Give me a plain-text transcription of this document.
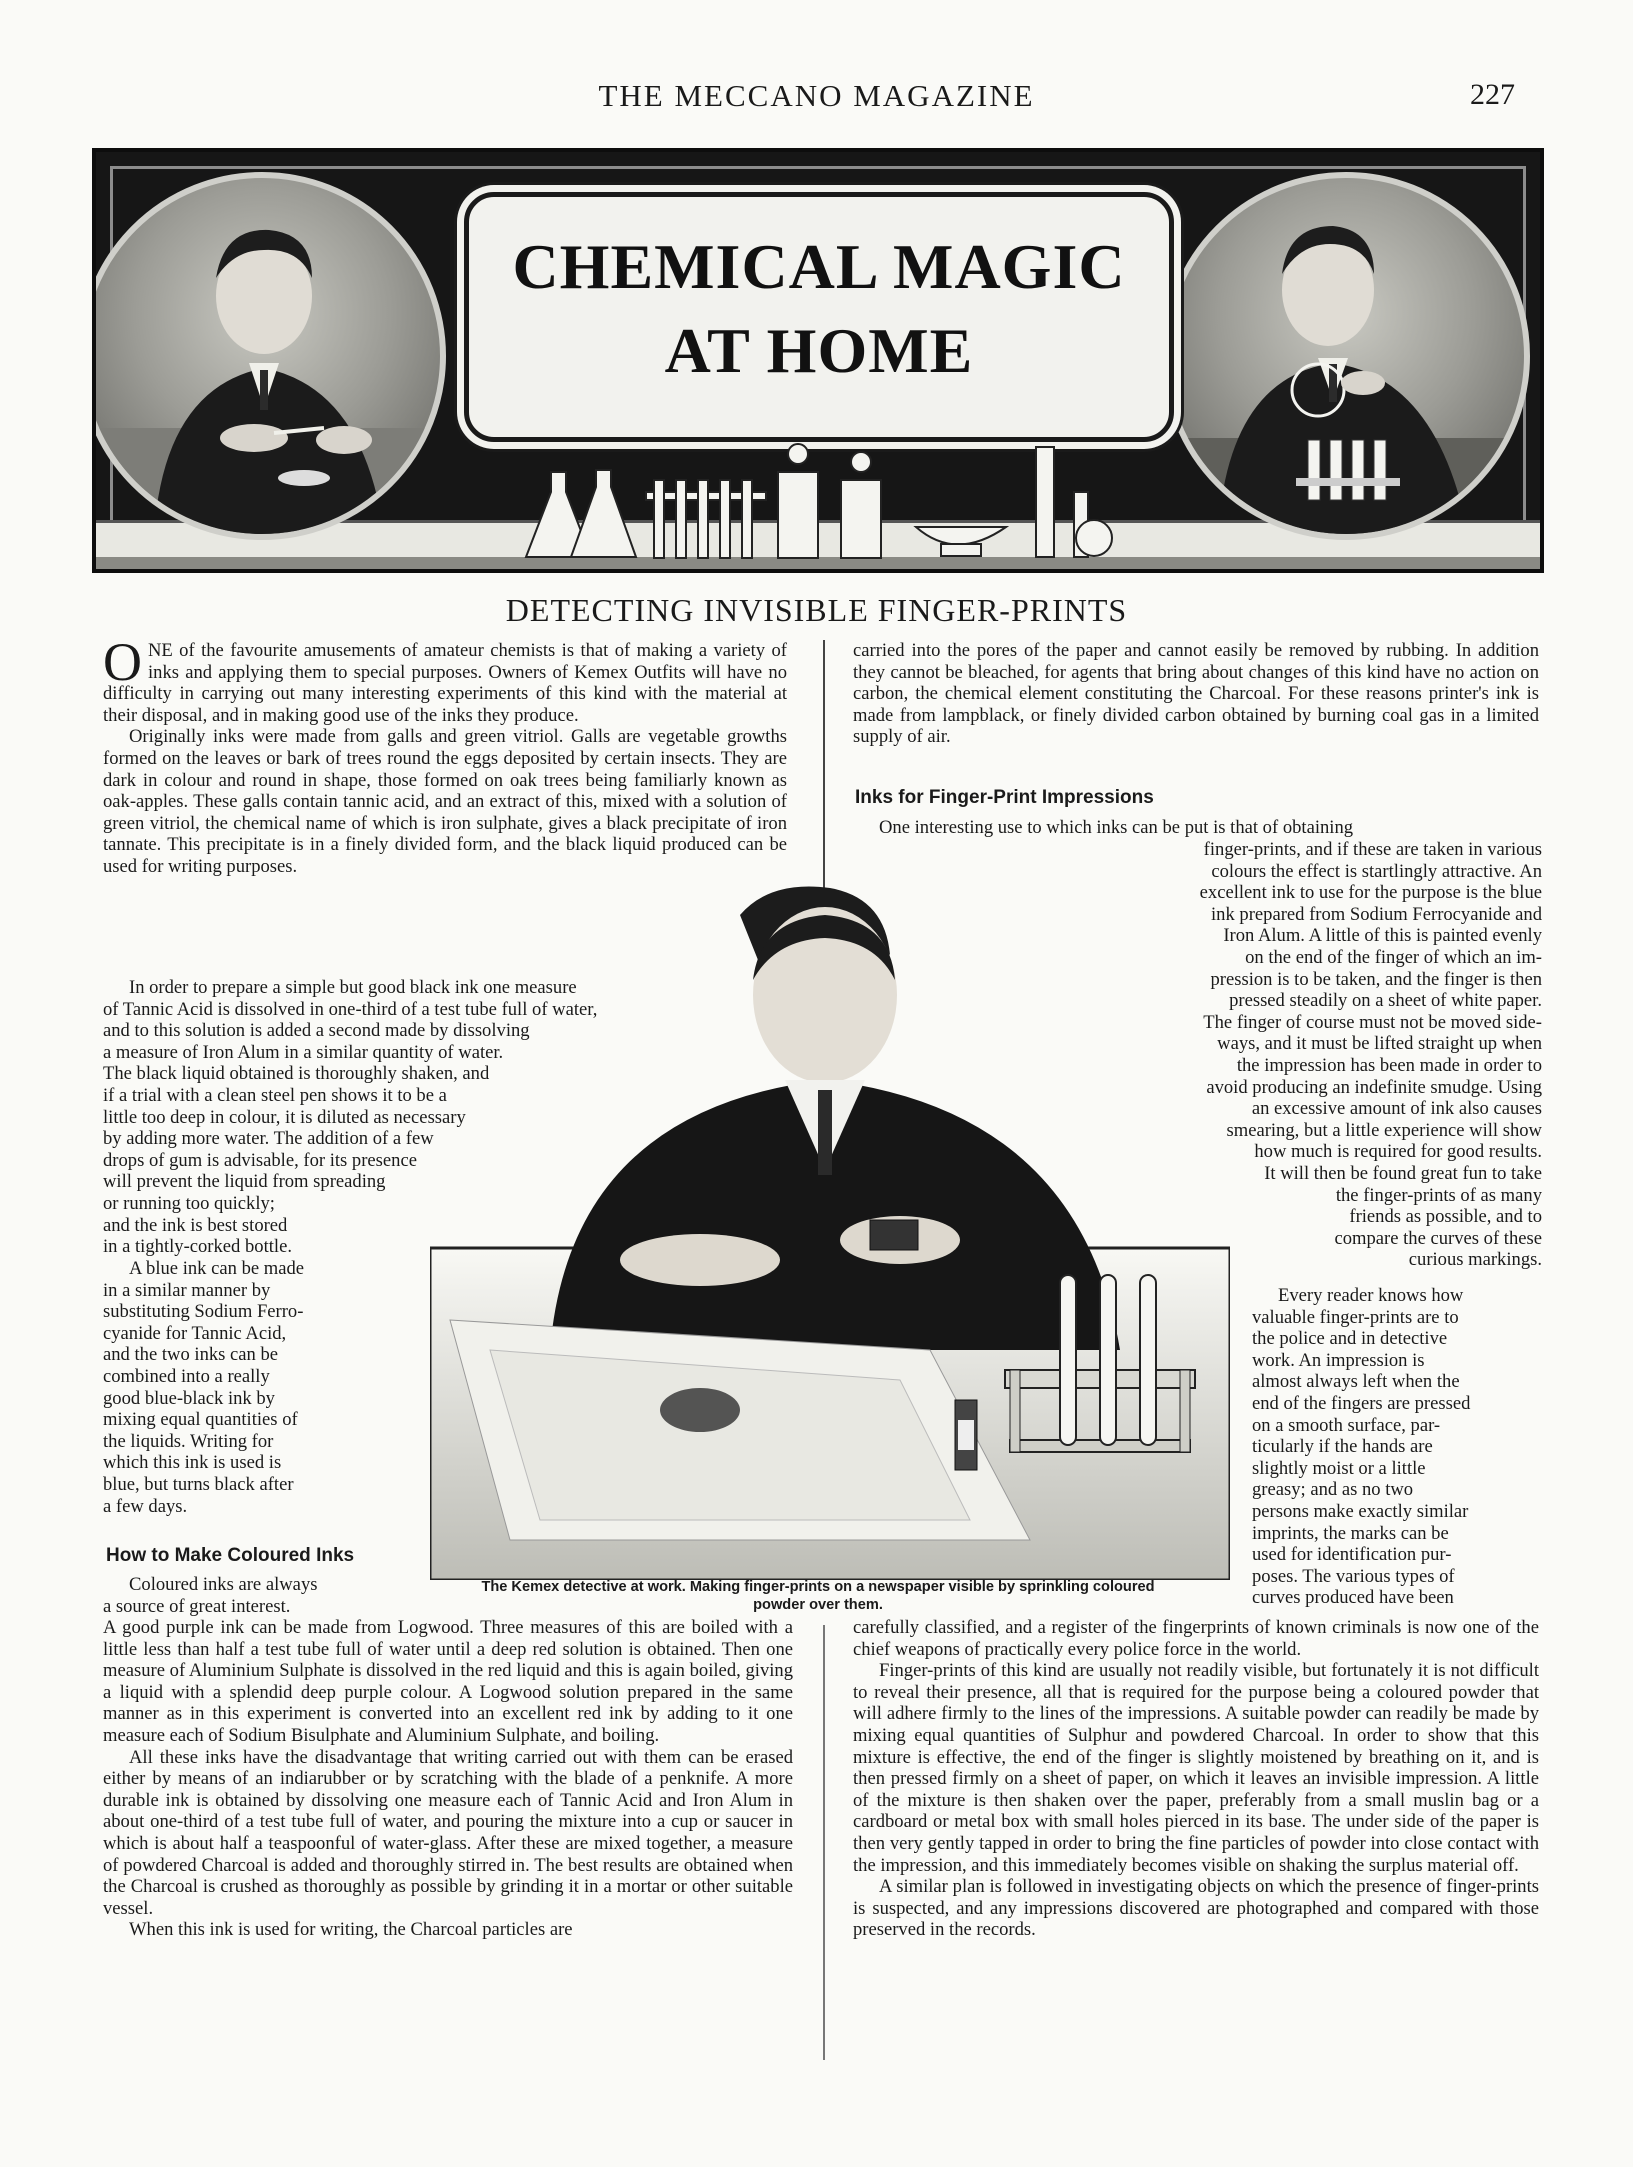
THE MECCANO MAGAZINE	227
CHEMICAL MAGIC
AT HOME
DETECTING INVISIBLE FINGER-PRINTS

ONE of the favourite amusements of amateur chemists is that of making a variety of inks and applying them to special purposes. Owners of Kemex Outfits will have no difficulty in carrying out many interesting experiments of this kind with the material at their disposal, and in making good use of the inks they produce.

Originally inks were made from galls and green vitriol. Galls are vegetable growths formed on the leaves or bark of trees round the eggs deposited by certain insects. They are dark in colour and round in shape, those formed on oak trees being familiarly known as oak-apples. These galls contain tannic acid, and an extract of this, mixed with a solution of green vitriol, the chemical name of which is iron sulphate, gives a black precipitate of iron tannate. This precipitate is in a finely divided form, and the black liquid produced can be used for writing purposes.

In order to prepare a simple but good black ink one measure
of Tannic Acid is dissolved in one-third of a test tube full of water,
and to this solution is added a second made by dissolving
a measure of Iron Alum in a similar quantity of water.
The black liquid obtained is thoroughly shaken, and
if a trial with a clean steel pen shows it to be a
little too deep in colour, it is diluted as necessary
by adding more water. The addition of a few
drops of gum is advisable, for its presence
will prevent the liquid from spreading
or running too quickly;
and the ink is best stored
in a tightly-corked bottle.
A blue ink can be made
in a similar manner by
substituting Sodium Ferro-
cyanide for Tannic Acid,
and the two inks can be
combined into a really
good blue-black ink by
mixing equal quantities of
the liquids. Writing for
which this ink is used is
blue, but turns black after
a few days.
How to Make Coloured Inks
Coloured inks are always
a source of great interest.

A good purple ink can be made from Logwood. Three measures of this are boiled with a little less than half a test tube full of water until a deep red solution is obtained. Then one measure of Aluminium Sulphate is dissolved in the red liquid and this is again boiled, giving a liquid with a splendid deep purple colour. A Logwood solution prepared in the same manner as in this experiment is converted into an excellent red ink by adding to it one measure each of Sodium Bisulphate and Aluminium Sulphate, and boiling.

All these inks have the disadvantage that writing carried out with them can be erased either by means of an indiarubber or by scratching with the blade of a penknife. A more durable ink is obtained by dissolving one measure each of Tannic Acid and Iron Alum in about one-third of a test tube full of water, and pouring the mixture into a cup or saucer in which is about half a teaspoonful of water-glass. After these are mixed together, a measure of powdered Charcoal is added and thoroughly stirred in. The best results are obtained when the Charcoal is crushed as thoroughly as possible by grinding it in a mortar or other suitable vessel.

When this ink is used for writing, the Charcoal particles are

carried into the pores of the paper and cannot easily be removed by rubbing. In addition they cannot be bleached, for agents that bring about changes of this kind have no action on carbon, the chemical element constituting the Charcoal. For these reasons printer's ink is made from lampblack, or finely divided carbon obtained by burning coal gas in a limited supply of air.

Inks for Finger-Print Impressions
One interesting use to which inks can be put is that of obtaining
finger-prints, and if these are taken in various
colours the effect is startlingly attractive. An
excellent ink to use for the purpose is the blue
ink prepared from Sodium Ferrocyanide and
Iron Alum. A little of this is painted evenly
on the end of the finger of which an im-
pression is to be taken, and the finger is then
pressed steadily on a sheet of white paper.
The finger of course must not be moved side-
ways, and it must be lifted straight up when
the impression has been made in order to
avoid producing an indefinite smudge. Using
an excessive amount of ink also causes
smearing, but a little experience will show
how much is required for good results.
It will then be found great fun to take
the finger-prints of as many
friends as possible, and to
compare the curves of these
curious markings.
Every reader knows how
valuable finger-prints are to
the police and in detective
work. An impression is
almost always left when the
end of the fingers are pressed
on a smooth surface, par-
ticularly if the hands are
slightly moist or a little
greasy; and as no two
persons make exactly similar
imprints, the marks can be
used for identification pur-
poses. The various types of
curves produced have been

carefully classified, and a register of the fingerprints of known criminals is now one of the chief weapons of practically every police force in the world.

Finger-prints of this kind are usually not readily visible, but fortunately it is not difficult to reveal their presence, all that is required for the purpose being a coloured powder that will adhere firmly to the lines of the impressions. A suitable powder can readily be made by mixing equal quantities of Sulphur and powdered Charcoal. In order to show that this mixture is effective, the end of the finger is slightly moistened by breathing on it, and is then pressed firmly on a sheet of paper, on which it leaves an invisible impression. A little of the mixture is then shaken over the paper, preferably from a small muslin bag or a cardboard or metal box with small holes pierced in its base. The under side of the paper is then very gently tapped in order to bring the fine particles of powder into close contact with the impression, and this immediately becomes visible on shaking the surplus material off.

A similar plan is followed in investigating objects on which the presence of finger-prints is suspected, and any impressions discovered are photographed and compared with those preserved in the records.

The Kemex detective at work. Making finger-prints on a newspaper visible by sprinkling coloured
powder over them.
